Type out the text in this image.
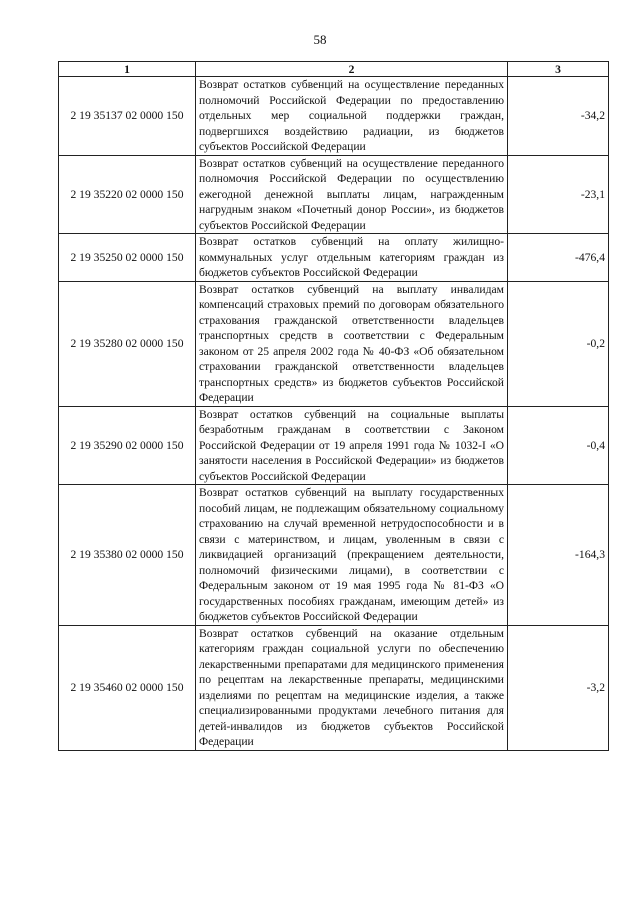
58
1	2	3
2 19 35137 02 0000 150	Возврат остатков субвенций на осуществление переданных полномочий Российской Федерации по предоставлению отдельных мер социальной поддержки граждан, подвергшихся воздействию радиации, из бюджетов субъектов Российской Федерации	-34,2
2 19 35220 02 0000 150	Возврат остатков субвенций на осуществление переданного полномочия Российской Федерации по осуществлению ежегодной денежной выплаты лицам, награжденным нагрудным знаком «Почетный донор России», из бюджетов субъектов Российской Федерации	-23,1
2 19 35250 02 0000 150	Возврат остатков субвенций на оплату жилищно-коммунальных услуг отдельным категориям граждан из бюджетов субъектов Российской Федерации	-476,4
2 19 35280 02 0000 150	Возврат остатков субвенций на выплату инвалидам компенсаций страховых премий по договорам обязательного страхования гражданской ответственности владельцев транспортных средств в соответствии с Федеральным законом от 25 апреля 2002 года № 40-ФЗ «Об обязательном страховании гражданской ответственности владельцев транспортных средств» из бюджетов субъектов Российской Федерации	-0,2
2 19 35290 02 0000 150	Возврат остатков субвенций на социальные выплаты безработным гражданам в соответствии с Законом Российской Федерации от 19 апреля 1991 года № 1032-I «О занятости населения в Российской Федерации» из бюджетов субъектов Российской Федерации	-0,4
2 19 35380 02 0000 150	Возврат остатков субвенций на выплату государственных пособий лицам, не подлежащим обязательному социальному страхованию на случай временной нетрудоспособности и в связи с материнством, и лицам, уволенным в связи с ликвидацией организаций (прекращением деятельности, полномочий физическими лицами), в соответствии с Федеральным законом от 19 мая 1995 года № 81-ФЗ «О государственных пособиях гражданам, имеющим детей» из бюджетов субъектов Российской Федерации	-164,3
2 19 35460 02 0000 150	Возврат остатков субвенций на оказание отдельным категориям граждан социальной услуги по обеспечению лекарственными препаратами для медицинского применения по рецептам на лекарственные препараты, медицинскими изделиями по рецептам на медицинские изделия, а также специализированными продуктами лечебного питания для детей-инвалидов из бюджетов субъектов Российской Федерации	-3,2
